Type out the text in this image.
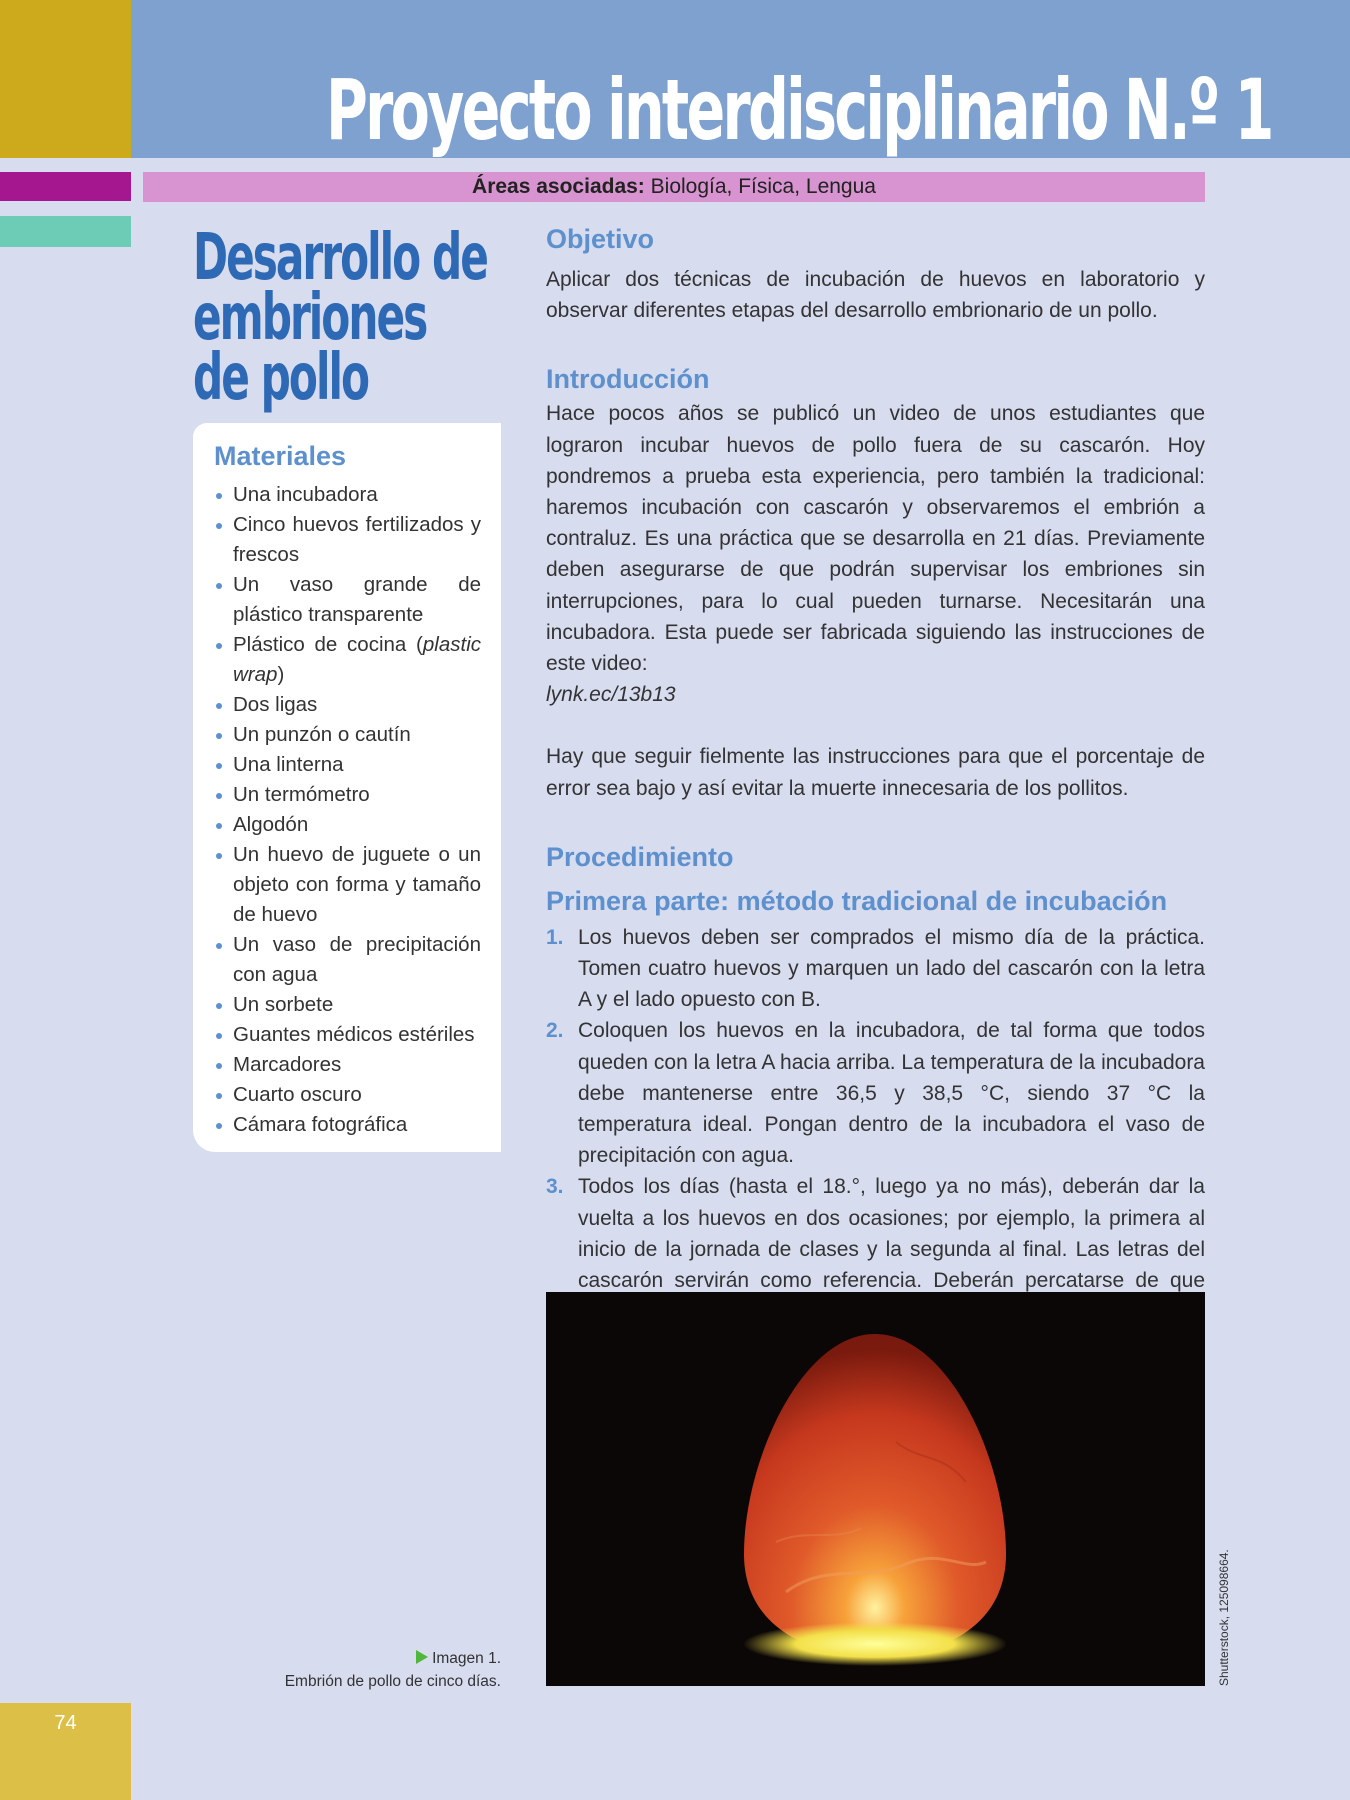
74
Proyecto interdisciplinario N.º 1
Áreas asociadas: Biología, Física, Lengua
Desarrollo de
embriones
de pollo
Materiales
Una incubadora
Cinco huevos fertilizados y frescos
Un vaso grande de plástico transparente
Plástico de cocina (plastic wrap)
Dos ligas
Un punzón o cautín
Una linterna
Un termómetro
Algodón
Un huevo de juguete o un objeto con forma y tamaño de huevo
Un vaso de precipitación con agua
Un sorbete
Guantes médicos estériles
Marcadores
Cuarto oscuro
Cámara fotográfica
Imagen 1.
Embrión de pollo de cinco días.
Objetivo

Aplicar dos técnicas de incubación de huevos en laboratorio y observar diferentes etapas del desarrollo embrionario de un pollo.

Introducción

Hace pocos años se publicó un video de unos estudiantes que lograron incubar huevos de pollo fuera de su cascarón. Hoy pondremos a prueba esta experiencia, pero también la tradicional: haremos incubación con cascarón y observaremos el embrión a contraluz. Es una práctica que se desarrolla en 21 días. Previamente deben asegurarse de que podrán supervisar los embriones sin interrupciones, para lo cual pueden turnarse. Necesitarán una incubadora. Esta puede ser fabricada siguiendo las instrucciones de este video:

lynk.ec/13b13

Hay que seguir fielmente las instrucciones para que el porcentaje de error sea bajo y así evitar la muerte innecesaria de los pollitos.

Procedimiento
Primera parte: método tradicional de incubación
1. Los huevos deben ser comprados el mismo día de la práctica. Tomen cuatro huevos y marquen un lado del cascarón con la letra A y el lado opuesto con B.
2. Coloquen los huevos en la incubadora, de tal forma que todos queden con la letra A hacia arriba. La temperatura de la incubadora debe mantenerse entre 36,5 y 38,5 °C, siendo 37 °C la temperatura ideal. Pongan dentro de la incubadora el vaso de precipitación con agua.
3. Todos los días (hasta el 18.°, luego ya no más), deberán dar la vuelta a los huevos en dos ocasiones; por ejemplo, la primera al inicio de la jornada de clases y la segunda al final. Las letras del cascarón servirán como referencia. Deberán percatarse de que
Shutterstock, 125098664.
